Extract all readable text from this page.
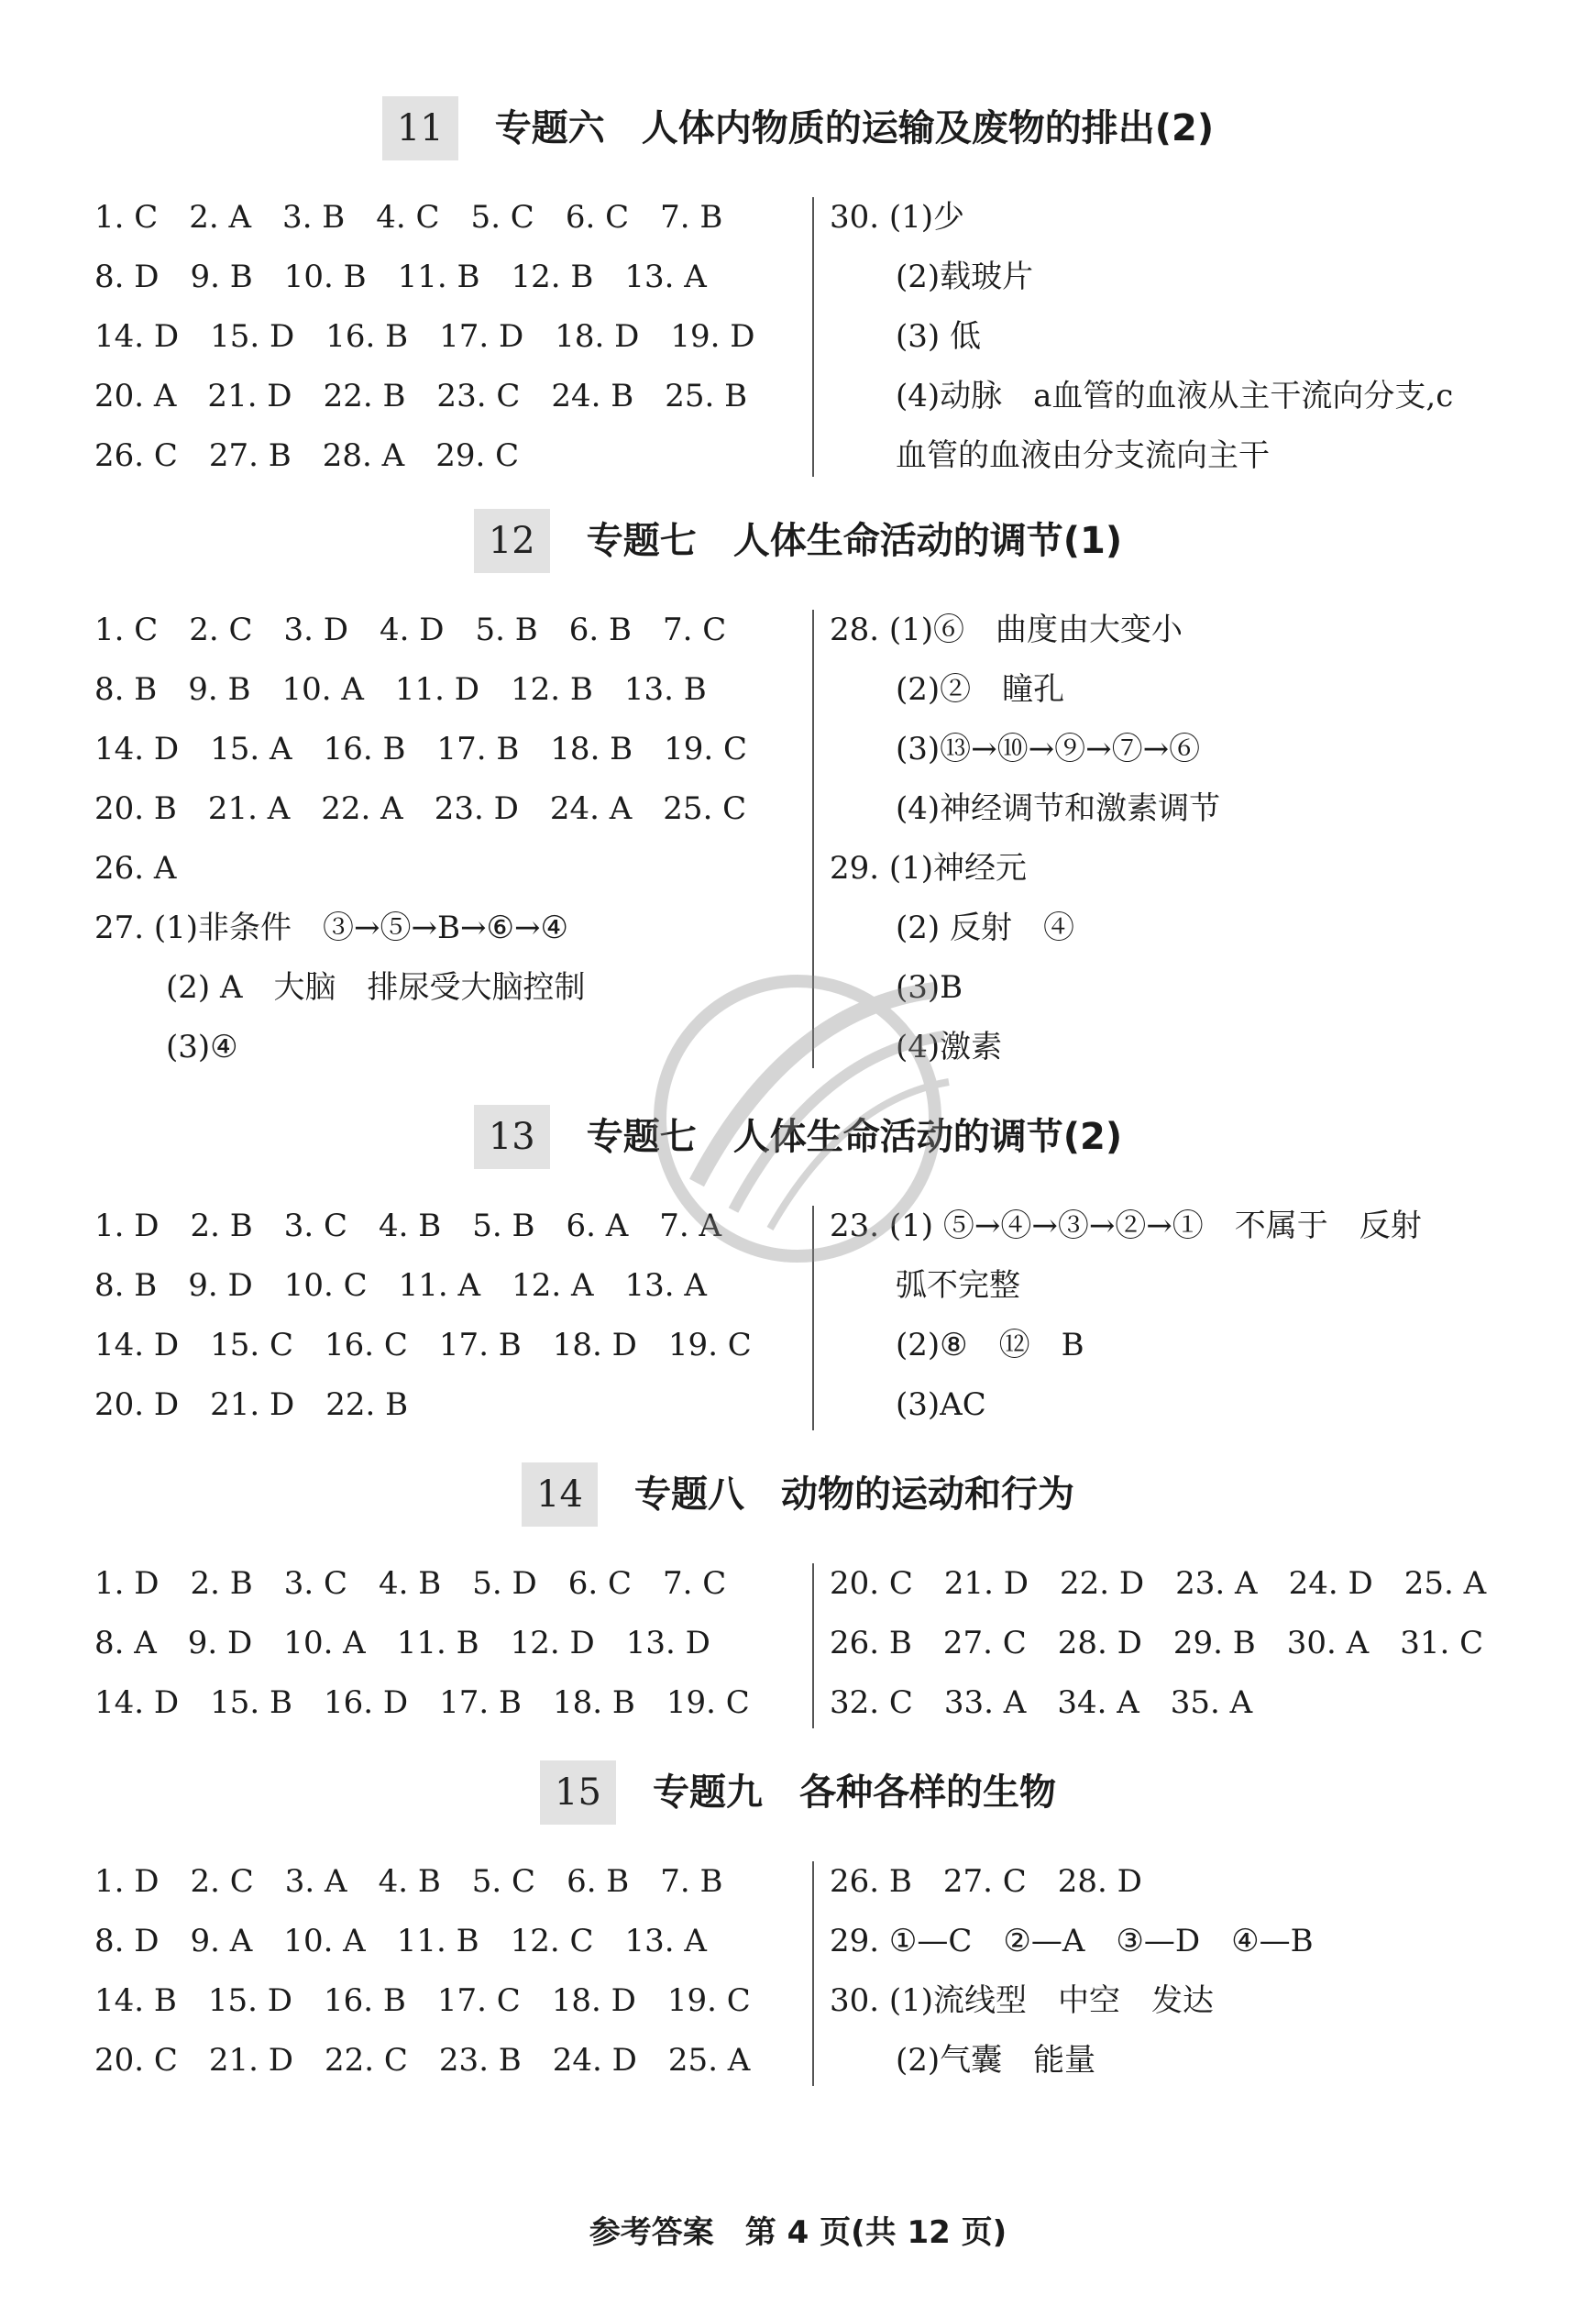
11 专题六　人体内物质的运输及废物的排出(2)
1. C　2. A　3. B　4. C　5. C　6. C　7. B
8. D　9. B　10. B　11. B　12. B　13. A
14. D　15. D　16. B　17. D　18. D　19. D
20. A　21. D　22. B　23. C　24. B　25. B
26. C　27. B　28. A　29. C
30. (1)少
(2)载玻片
(3) 低
(4)动脉　a血管的血液从主干流向分支,c
血管的血液由分支流向主干
12 专题七　人体生命活动的调节(1)
1. C　2. C　3. D　4. D　5. B　6. B　7. C
8. B　9. B　10. A　11. D　12. B　13. B
14. D　15. A　16. B　17. B　18. B　19. C
20. B　21. A　22. A　23. D　24. A　25. C
26. A
27. (1)非条件　③→⑤→B→⑥→④
(2) A　大脑　排尿受大脑控制
(3)④
28. (1)⑥　曲度由大变小
(2)②　瞳孔
(3)⑬→⑩→⑨→⑦→⑥
(4)神经调节和激素调节
29. (1)神经元
(2) 反射　④
(3)B
(4)激素
13 专题七　人体生命活动的调节(2)
1. D　2. B　3. C　4. B　5. B　6. A　7. A
8. B　9. D　10. C　11. A　12. A　13. A
14. D　15. C　16. C　17. B　18. D　19. C
20. D　21. D　22. B
23. (1) ⑤→④→③→②→①　不属于　反射
弧不完整
(2)⑧　⑫　B
(3)AC
14 专题八　动物的运动和行为
1. D　2. B　3. C　4. B　5. D　6. C　7. C
8. A　9. D　10. A　11. B　12. D　13. D
14. D　15. B　16. D　17. B　18. B　19. C
20. C　21. D　22. D　23. A　24. D　25. A
26. B　27. C　28. D　29. B　30. A　31. C
32. C　33. A　34. A　35. A
15 专题九　各种各样的生物
1. D　2. C　3. A　4. B　5. C　6. B　7. B
8. D　9. A　10. A　11. B　12. C　13. A
14. B　15. D　16. B　17. C　18. D　19. C
20. C　21. D　22. C　23. B　24. D　25. A
26. B　27. C　28. D
29. ①—C　②—A　③—D　④—B
30. (1)流线型　中空　发达
(2)气囊　能量
参考答案　第 4 页(共 12 页)
